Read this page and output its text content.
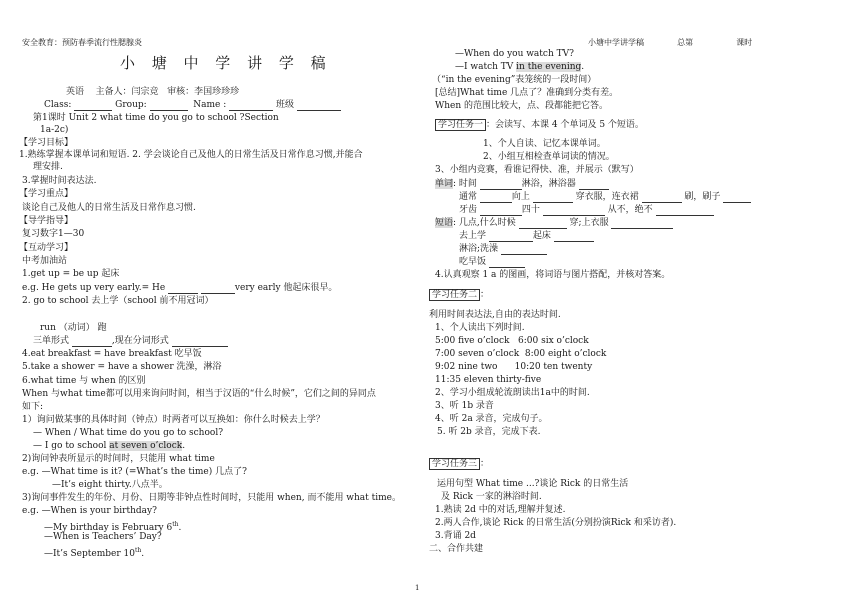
安全教育：预防春季流行性腮腺炎
小 塘 中 学 讲 学 稿
英语 主备人：闫宗竞 审核：李国珍珍珍
Class:	Group:	Name :	班级
第1课时 Unit 2 what time do you go to school ?Section
1a-2c)
【学习目标】
1.熟练掌握本课单词和短语. 2. 学会谈论自己及他人的日常生活及日常作息习惯,并能合
理安排.
3.掌握时间表达法.
【学习重点】
谈论自己及他人的日常生活及日常作息习惯.
【导学指导】
复习数字1—30
【互动学习】
中考加油站
1.get up = be up 起床
e.g. He gets up very early.= He	very early 他起床很早。
2. go to school 去上学（school 前不用冠词）
run （动词） 跑
三单形式	,现在分词形式
4.eat breakfast = have breakfast 吃早饭
5.take a shower = have a shower 洗澡，淋浴
6.what time 与 when 的区别
When 与what time都可以用来询问时间，相当于汉语的“什么时候”，它们之间的异同点
如下:
1）询问做某事的具体时间（钟点）时两者可以互换如：你什么时候去上学？
— When / What time do you go to school?
— I go to school at seven o’clock.
2)询问钟表所显示的时间时，只能用 what time
e.g. —What time is it? (=What’s the time) 几点了?
—It’s eight thirty.八点半。
3)询问事件发生的年份、月份、日期等非钟点性时间时，只能用 when, 而不能用 what time。
e.g. —When is your birthday?
—My birthday is February 6th.
—When is Teachers’ Day?
—It’s September 10th.
小塘中学讲学稿	总第	课时
—When do you watch TV?
—I watch TV in the evening.
（“in the evening”表笼统的一段时间）
[总结]What time 几点了？准确到分类有差。
When 的范围比较大，点、段都能把它答。
学习任务一 ：会读写、本课 4 个单词及 5 个短语。
1、个人自读、记忆本课单词。
2、小组互相检查单词读的情况。
3、小组内竞赛，看谁记得快、准，并展示（默写）
单词: 时间	淋浴，淋浴器
通常	向上	穿衣服，连衣裙	刷，刷子
牙齿	四十	从不，绝不
短语: 几点,什么时候	穿;上衣服
去上学	起床
淋浴;洗澡
吃早饭
4.认真观察 1 a 的图画，将词语与图片搭配，并核对答案。
学习任务二 ：
利用时间表达法,自由的表达时间.
1、个人读出下列时间.
5:00 five o’clock   6:00 six o’clock
7:00 seven o’clock  8:00 eight o’clock
9:02 nine two      10:20 ten twenty
11:35 eleven thirty-five
2、学习小组成轮流朗读出1a中的时间.
3、听 1b 录音
4、听 2a 录音，完成句子。
5. 听 2b 录音，完成下表.
学习任务三 ：
运用句型 What time ...?谈论 Rick 的日常生活
及 Rick 一家的淋浴时间.
1.熟读 2d 中的对话,理解并复述.
2.两人合作,谈论 Rick 的日常生活(分别扮演Rick 和采访者).
3.背诵 2d
二、合作共建
1
